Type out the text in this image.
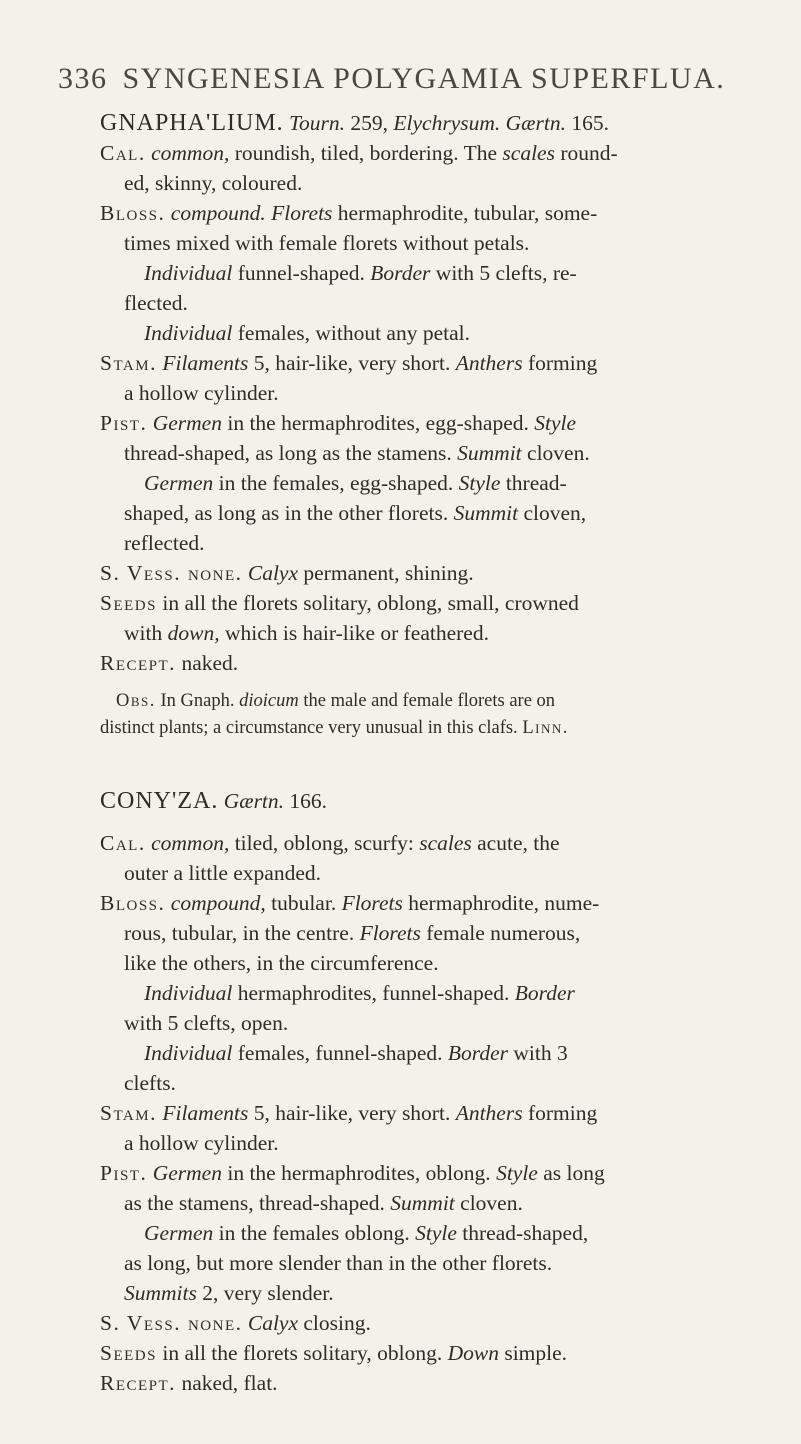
336 SYNGENESIA POLYGAMIA SUPERFLUA.
GNAPHA'LIUM. Tourn. 259, Elychrysum. Gærtn. 165.
Cal. common, roundish, tiled, bordering. The scales round-
ed, skinny, coloured.
Bloss. compound. Florets hermaphrodite, tubular, some-
times mixed with female florets without petals.
Individual funnel-shaped. Border with 5 clefts, re-
flected.
Individual females, without any petal.
Stam. Filaments 5, hair-like, very short. Anthers forming
a hollow cylinder.
Pist. Germen in the hermaphrodites, egg-shaped. Style
thread-shaped, as long as the stamens. Summit cloven.
Germen in the females, egg-shaped. Style thread-
shaped, as long as in the other florets. Summit cloven,
reflected.
S. Vess. none. Calyx permanent, shining.
Seeds in all the florets solitary, oblong, small, crowned
with down, which is hair-like or feathered.
Recept. naked.
Obs. In Gnaph. dioicum the male and female florets are on
distinct plants; a circumstance very unusual in this clafs. Linn.
CONY'ZA. Gærtn. 166.
Cal. common, tiled, oblong, scurfy: scales acute, the
outer a little expanded.
Bloss. compound, tubular. Florets hermaphrodite, nume-
rous, tubular, in the centre. Florets female numerous,
like the others, in the circumference.
Individual hermaphrodites, funnel-shaped. Border
with 5 clefts, open.
Individual females, funnel-shaped. Border with 3
clefts.
Stam. Filaments 5, hair-like, very short. Anthers forming
a hollow cylinder.
Pist. Germen in the hermaphrodites, oblong. Style as long
as the stamens, thread-shaped. Summit cloven.
Germen in the females oblong. Style thread-shaped,
as long, but more slender than in the other florets.
Summits 2, very slender.
S. Vess. none. Calyx closing.
Seeds in all the florets solitary, oblong. Down simple.
Recept. naked, flat.
